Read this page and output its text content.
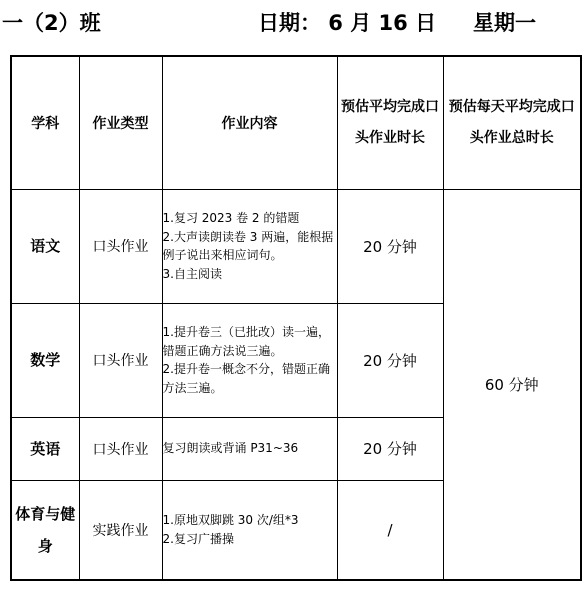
一（2）班	日期： 6 月 16 日 星期一
学科	作业类型	作业内容	预估平均完成口头作业时长	预估每天平均完成口头作业总时长
语文	口头作业	1.复习 2023 卷 2 的错题
2.大声读朗读卷 3 两遍，能根据例子说出来相应词句。
3.自主阅读	20 分钟	60 分钟
数学	口头作业	1.提升卷三（已批改）读一遍，错题正确方法说三遍。
2.提升卷一概念不分，错题正确方法三遍。	20 分钟	
英语	口头作业	复习朗读或背诵 P31~36	20 分钟	
体育与健身	实践作业	1.原地双脚跳 30 次/组*3
2.复习广播操	/	
